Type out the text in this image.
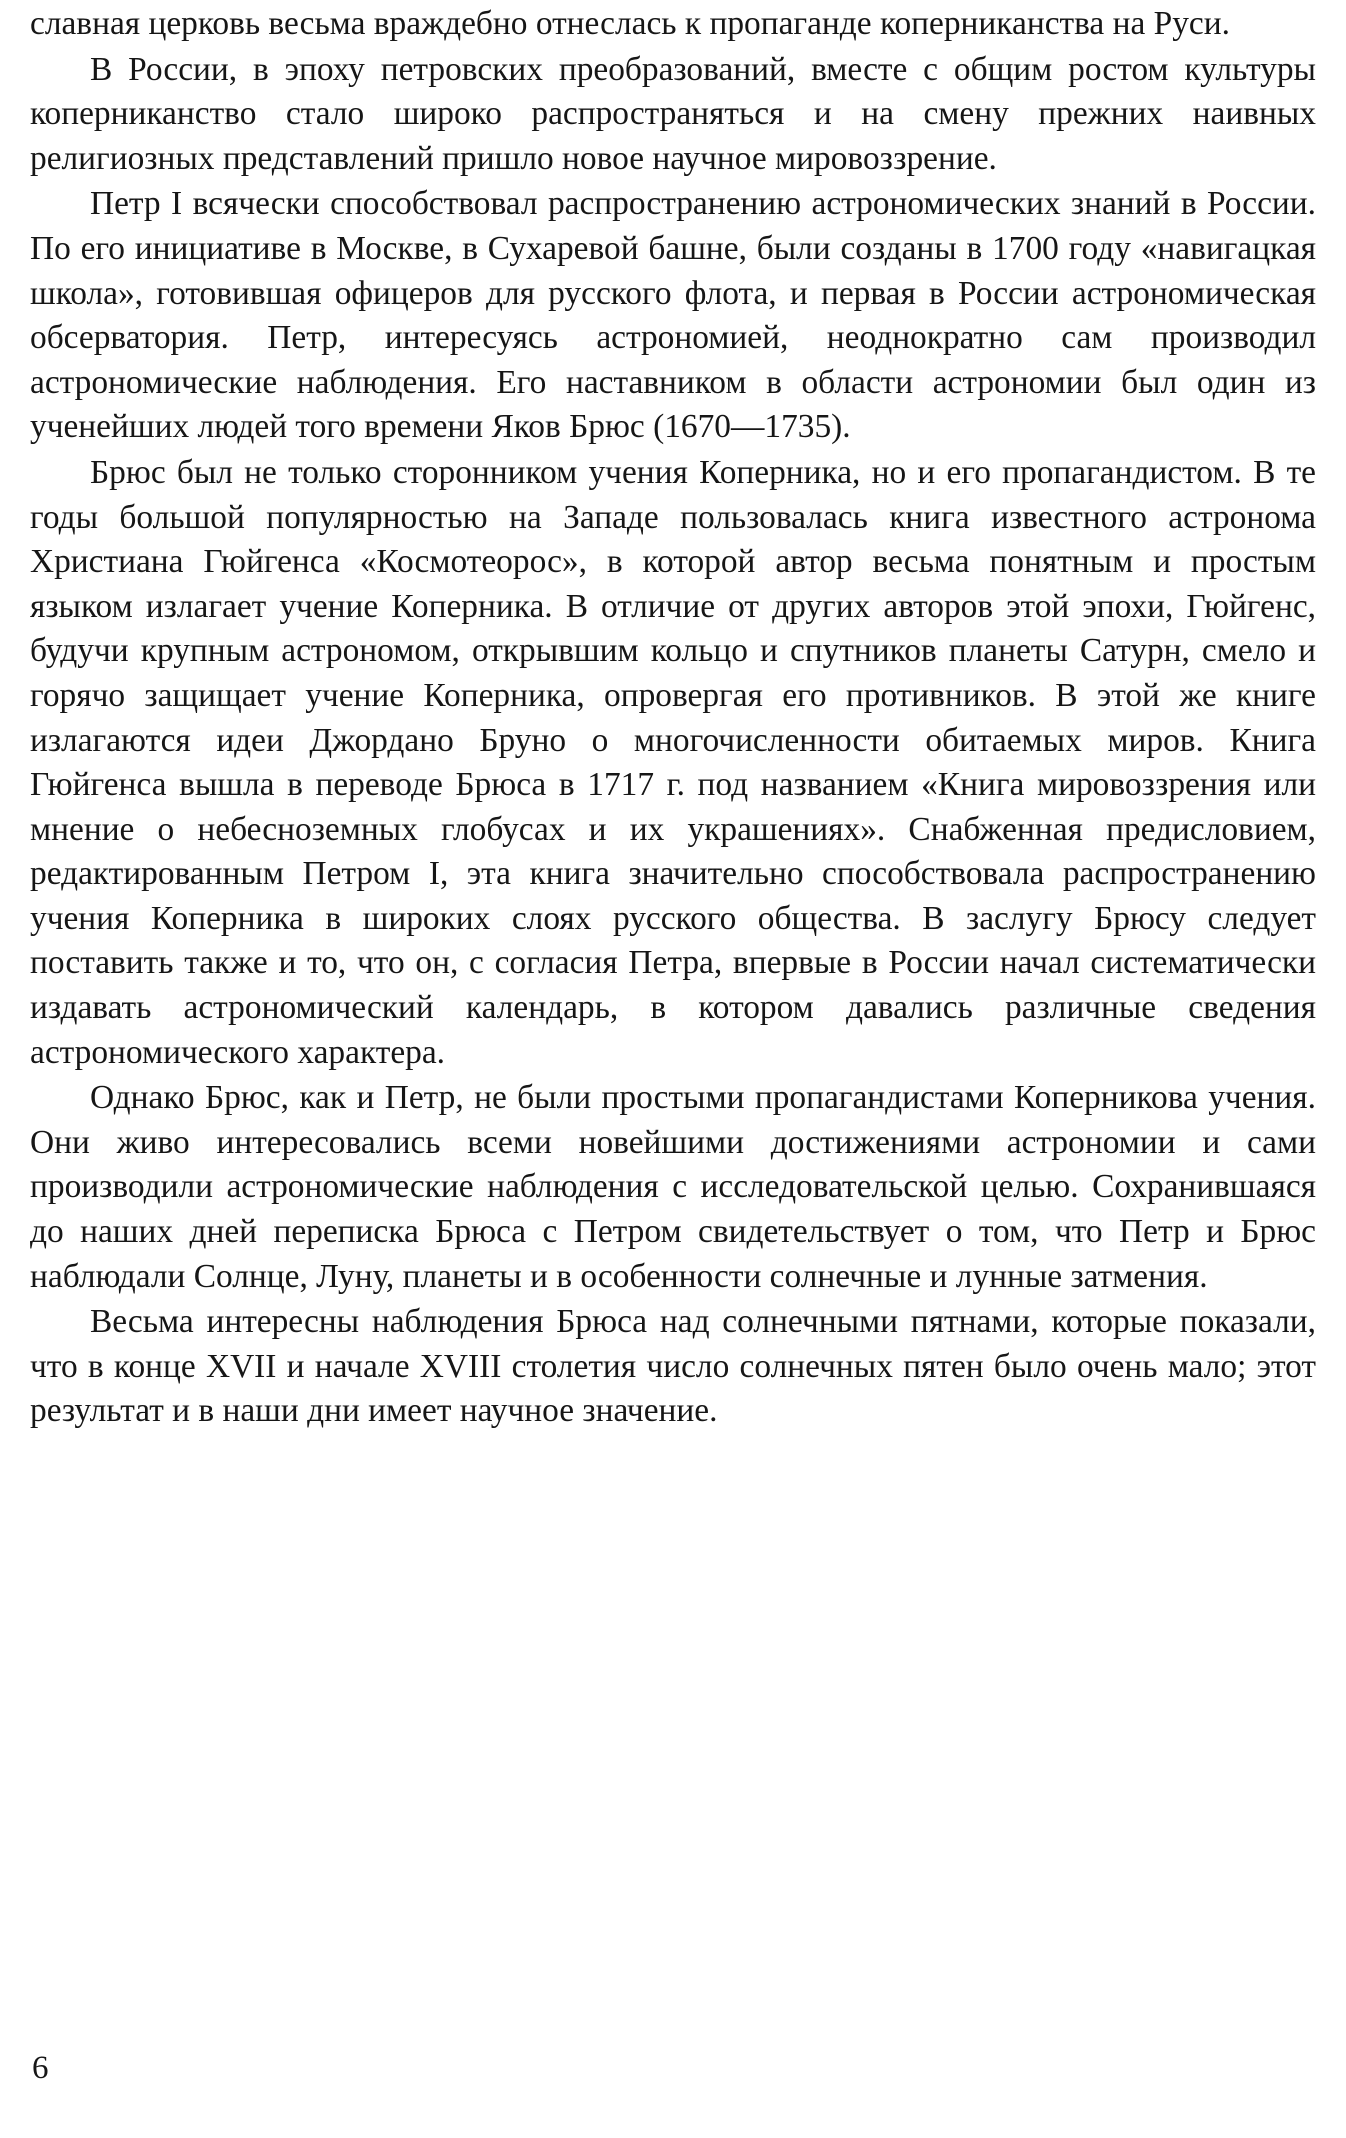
славная церковь весьма враждебно отнеслась к пропаганде коперниканства на Руси.

В России, в эпоху петровских преобразований, вместе с общим ростом культуры коперниканство стало широко распространяться и на смену прежних наивных религиозных представлений пришло новое научное мировоззрение.

Петр I всячески способствовал распространению астрономических знаний в России. По его инициативе в Москве, в Сухаревой башне, были созданы в 1700 году «навигацкая школа», готовившая офицеров для русского флота, и первая в России астрономическая обсерватория. Петр, интересуясь астрономией, неоднократно сам производил астрономические наблюдения. Его наставником в области астрономии был один из ученейших людей того времени Яков Брюс (1670—1735).

Брюс был не только сторонником учения Коперника, но и его пропагандистом. В те годы большой популярностью на Западе пользовалась книга известного астронома Христиана Гюйгенса «Космотеорос», в которой автор весьма понятным и простым языком излагает учение Коперника. В отличие от других авторов этой эпохи, Гюйгенс, будучи крупным астрономом, открывшим кольцо и спутников планеты Сатурн, смело и горячо защищает учение Коперника, опровергая его противников. В этой же книге излагаются идеи Джордано Бруно о многочисленности обитаемых миров. Книга Гюйгенса вышла в переводе Брюса в 1717 г. под названием «Книга мировоззрения или мнение о небесноземных глобусах и их украшениях». Снабженная предисловием, редактированным Петром I, эта книга значительно способствовала распространению учения Коперника в широких слоях русского общества. В заслугу Брюсу следует поставить также и то, что он, с согласия Петра, впервые в России начал систематически издавать астрономический календарь, в котором давались различные сведения астрономического характера.

Однако Брюс, как и Петр, не были простыми пропагандистами Коперникова учения. Они живо интересовались всеми новейшими достижениями астрономии и сами производили астрономические наблюдения с исследовательской целью. Сохранившаяся до наших дней переписка Брюса с Петром свидетельствует о том, что Петр и Брюс наблюдали Солнце, Луну, планеты и в особенности солнечные и лунные затмения.

Весьма интересны наблюдения Брюса над солнечными пятнами, которые показали, что в конце XVII и начале XVIII столетия число солнечных пятен было очень мало; этот результат и в наши дни имеет научное значение.

6
